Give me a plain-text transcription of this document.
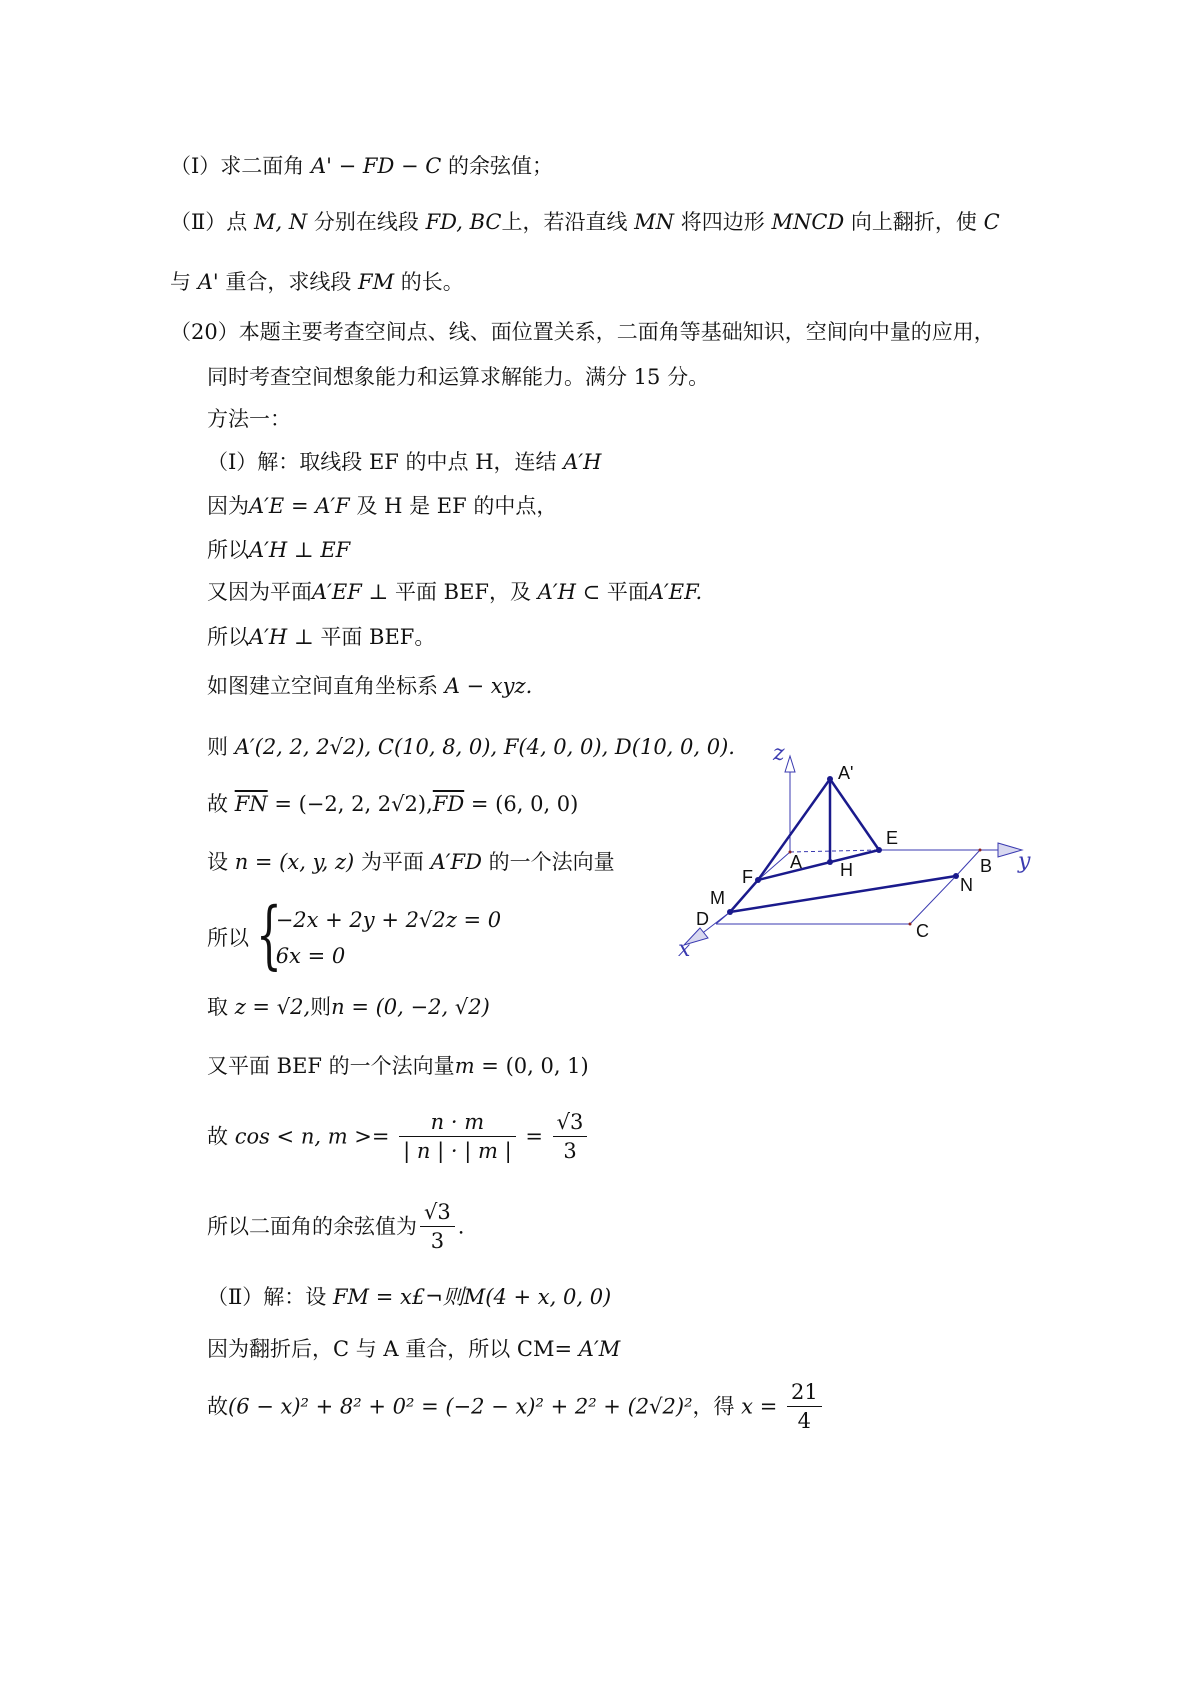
（Ⅰ）求二面角 A' − FD − C 的余弦值；
（Ⅱ）点 M, N 分别在线段 FD, BC上，若沿直线 MN 将四边形 MNCD 向上翻折，使 C
与 A' 重合，求线段 FM 的长。
（20）本题主要考查空间点、线、面位置关系，二面角等基础知识，空间向中量的应用，
同时考查空间想象能力和运算求解能力。满分 15 分。
方法一：
（Ⅰ）解：取线段 EF 的中点 H，连结 A′H
因为A′E = A′F 及 H 是 EF 的中点，
所以A′H ⊥ EF
又因为平面A′EF ⊥ 平面 BEF，及 A′H ⊂ 平面A′EF.
所以A′H ⊥ 平面 BEF。
如图建立空间直角坐标系 A − xyz.
则 A′(2, 2, 2√2), C(10, 8, 0), F(4, 0, 0), D(10, 0, 0).
故 $\overline{FN} = (-2$, 2, $2√2),\overline{FD} = (6$, 0, 0)
设 n = (x, y, z) 为平面 A′FD 的一个法向量
所以 {
−2x + 2y + 2√2z = 0
6x = 0
取 z = √2,则n = (0, −2, √2)
又平面 BEF 的一个法向量m = (0, 0, 1)
故 cos < n, $m >= \frac{n \cdot m}{| n | \cdot | m |} = \frac{√3}{3}$
所以二面角的余弦值为 $\frac{√3}{3}$ .
（Ⅱ）解：设 FM = x£¬则M(4 + x, 0, 0)
因为翻折后，C 与 A 重合，所以 CM= A′M
故(6 − x)² + 8² + 0² = (−2 − x)² + 2² + (2√2)²，得 $x = \frac{21}{4}$
z
y
x
A'
E
A H	B
F	N
M
D
C
